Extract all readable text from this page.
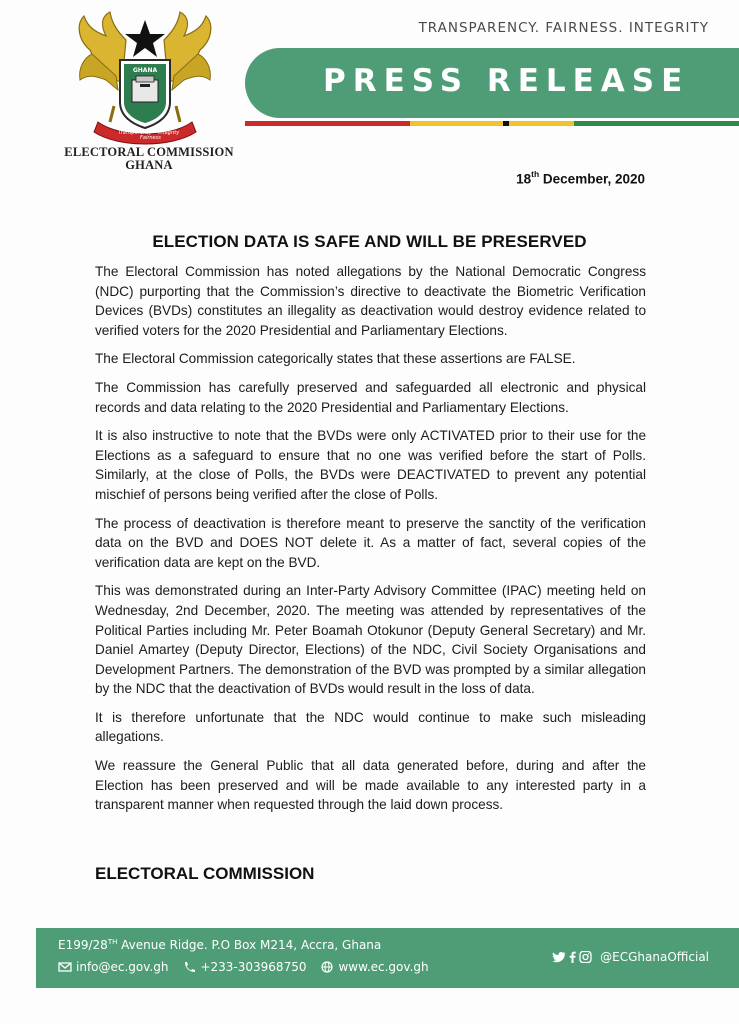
GHANA
Transparency
Fairness
Integrity
ELECTORAL COMMISSION
GHANA
TRANSPARENCY. FAIRNESS. INTEGRITY
PRESS RELEASE
18th December, 2020
ELECTION DATA IS SAFE AND WILL BE PRESERVED

The Electoral Commission has noted allegations by the National Democratic Congress (NDC) purporting that the Commission’s directive to deactivate the Biometric Verification Devices (BVDs) constitutes an illegality as deactivation would destroy evidence related to verified voters for the 2020 Presidential and Parliamentary Elections.

The Electoral Commission categorically states that these assertions are FALSE.

The Commission has carefully preserved and safeguarded all electronic and physical records and data relating to the 2020 Presidential and Parliamentary Elections.

It is also instructive to note that the BVDs were only ACTIVATED prior to their use for the Elections as a safeguard to ensure that no one was verified before the start of Polls. Similarly, at the close of Polls, the BVDs were DEACTIVATED to prevent any potential mischief of persons being verified after the close of Polls.

The process of deactivation is therefore meant to preserve the sanctity of the verification data on the BVD and DOES NOT delete it. As a matter of fact, several copies of the verification data are kept on the BVD.

This was demonstrated during an Inter-Party Advisory Committee (IPAC) meeting held on Wednesday, 2nd December, 2020. The meeting was attended by representatives of the Political Parties including Mr. Peter Boamah Otokunor (Deputy General Secretary) and Mr. Daniel Amartey (Deputy Director, Elections) of the NDC, Civil Society Organisations and Development Partners. The demonstration of the BVD was prompted by a similar allegation by the NDC that the deactivation of BVDs would result in the loss of data.

It is therefore unfortunate that the NDC would continue to make such misleading allegations.

We reassure the General Public that all data generated before, during and after the Election has been preserved and will be made available to any interested party in a transparent manner when requested through the laid down process.

ELECTORAL COMMISSION
E199/28TH Avenue Ridge. P.O Box M214, Accra, Ghana
info@ec.gov.gh	+233-303968750	www.ec.gov.gh
@ECGhanaOfficial
